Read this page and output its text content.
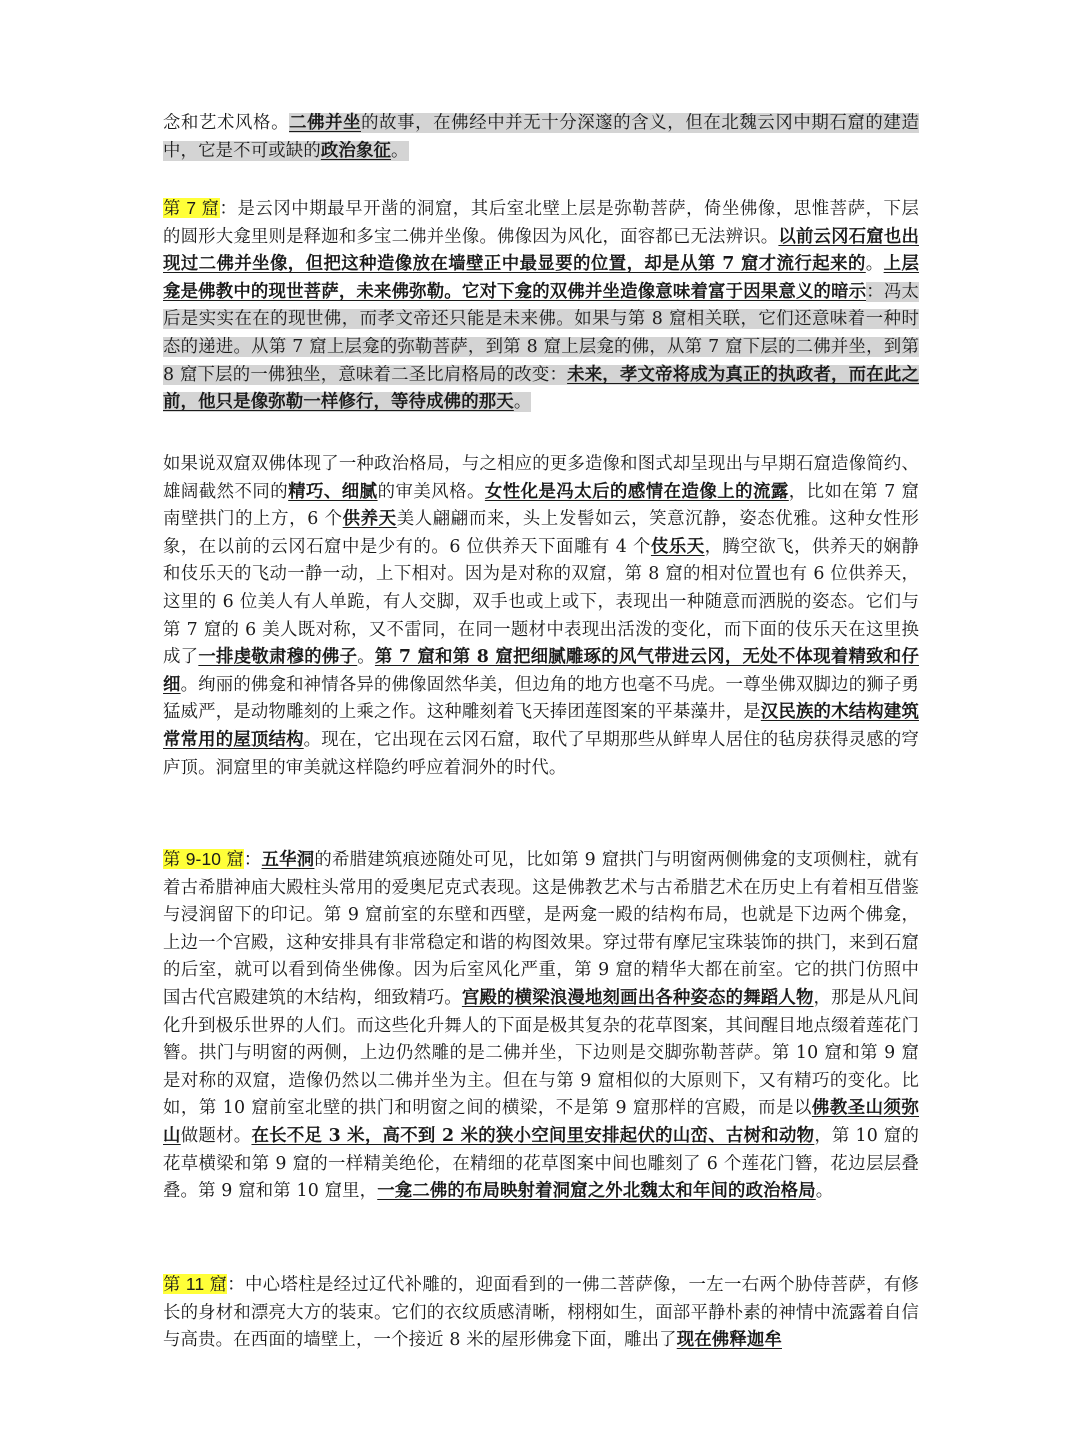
念和艺术风格。二佛并坐的故事，在佛经中并无十分深邃的含义，但在北魏云冈中期石窟的建造中，它是不可或缺的政治象征。

第 7 窟：是云冈中期最早开凿的洞窟，其后室北壁上层是弥勒菩萨，倚坐佛像，思惟菩萨，下层的圆形大龛里则是释迦和多宝二佛并坐像。佛像因为风化，面容都已无法辨识。以前云冈石窟也出现过二佛并坐像，但把这种造像放在墙壁正中最显要的位置，却是从第 7 窟才流行起来的。上层龛是佛教中的现世菩萨，未来佛弥勒。它对下龛的双佛并坐造像意味着富于因果意义的暗示：冯太后是实实在在的现世佛，而孝文帝还只能是未来佛。如果与第 8 窟相关联，它们还意味着一种时态的递进。从第 7 窟上层龛的弥勒菩萨，到第 8 窟上层龛的佛，从第 7 窟下层的二佛并坐，到第 8 窟下层的一佛独坐，意味着二圣比肩格局的改变：未来，孝文帝将成为真正的执政者，而在此之前，他只是像弥勒一样修行，等待成佛的那天。

如果说双窟双佛体现了一种政治格局，与之相应的更多造像和图式却呈现出与早期石窟造像简约、雄阔截然不同的精巧、细腻的审美风格。女性化是冯太后的感情在造像上的流露，比如在第 7 窟南壁拱门的上方，6 个供养天美人翩翩而来，头上发髻如云，笑意沉静，姿态优雅。这种女性形象，在以前的云冈石窟中是少有的。6 位供养天下面雕有 4 个伎乐天，腾空欲飞，供养天的娴静和伎乐天的飞动一静一动，上下相对。因为是对称的双窟，第 8 窟的相对位置也有 6 位供养天，这里的 6 位美人有人单跪，有人交脚，双手也或上或下，表现出一种随意而洒脱的姿态。它们与第 7 窟的 6 美人既对称，又不雷同，在同一题材中表现出活泼的变化，而下面的伎乐天在这里换成了一排虔敬肃穆的佛子。第 7 窟和第 8 窟把细腻雕琢的风气带进云冈，无处不体现着精致和仔细。绚丽的佛龛和神情各异的佛像固然华美，但边角的地方也毫不马虎。一尊坐佛双脚边的狮子勇猛威严，是动物雕刻的上乘之作。这种雕刻着飞天捧团莲图案的平棊藻井，是汉民族的木结构建筑常常用的屋顶结构。现在，它出现在云冈石窟，取代了早期那些从鲜卑人居住的毡房获得灵感的穹庐顶。洞窟里的审美就这样隐约呼应着洞外的时代。

第 9-10 窟：五华洞的希腊建筑痕迹随处可见，比如第 9 窟拱门与明窗两侧佛龛的支项侧柱，就有着古希腊神庙大殿柱头常用的爱奥尼克式表现。这是佛教艺术与古希腊艺术在历史上有着相互借鉴与浸润留下的印记。第 9 窟前室的东壁和西壁，是两龛一殿的结构布局，也就是下边两个佛龛，上边一个宫殿，这种安排具有非常稳定和谐的构图效果。穿过带有摩尼宝珠装饰的拱门，来到石窟的后室，就可以看到倚坐佛像。因为后室风化严重，第 9 窟的精华大都在前室。它的拱门仿照中国古代宫殿建筑的木结构，细致精巧。宫殿的横梁浪漫地刻画出各种姿态的舞蹈人物，那是从凡间化升到极乐世界的人们。而这些化升舞人的下面是极其复杂的花草图案，其间醒目地点缀着莲花门簪。拱门与明窗的两侧，上边仍然雕的是二佛并坐，下边则是交脚弥勒菩萨。第 10 窟和第 9 窟是对称的双窟，造像仍然以二佛并坐为主。但在与第 9 窟相似的大原则下，又有精巧的变化。比如，第 10 窟前室北壁的拱门和明窗之间的横梁，不是第 9 窟那样的宫殿，而是以佛教圣山须弥山做题材。在长不足 3 米，高不到 2 米的狭小空间里安排起伏的山峦、古树和动物，第 10 窟的花草横梁和第 9 窟的一样精美绝伦，在精细的花草图案中间也雕刻了 6 个莲花门簪，花边层层叠叠。第 9 窟和第 10 窟里，一龛二佛的布局映射着洞窟之外北魏太和年间的政治格局。

第 11 窟：中心塔柱是经过辽代补雕的，迎面看到的一佛二菩萨像，一左一右两个胁侍菩萨，有修长的身材和漂亮大方的装束。它们的衣纹质感清晰，栩栩如生，面部平静朴素的神情中流露着自信与高贵。在西面的墙壁上，一个接近 8 米的屋形佛龛下面，雕出了现在佛释迦牟
